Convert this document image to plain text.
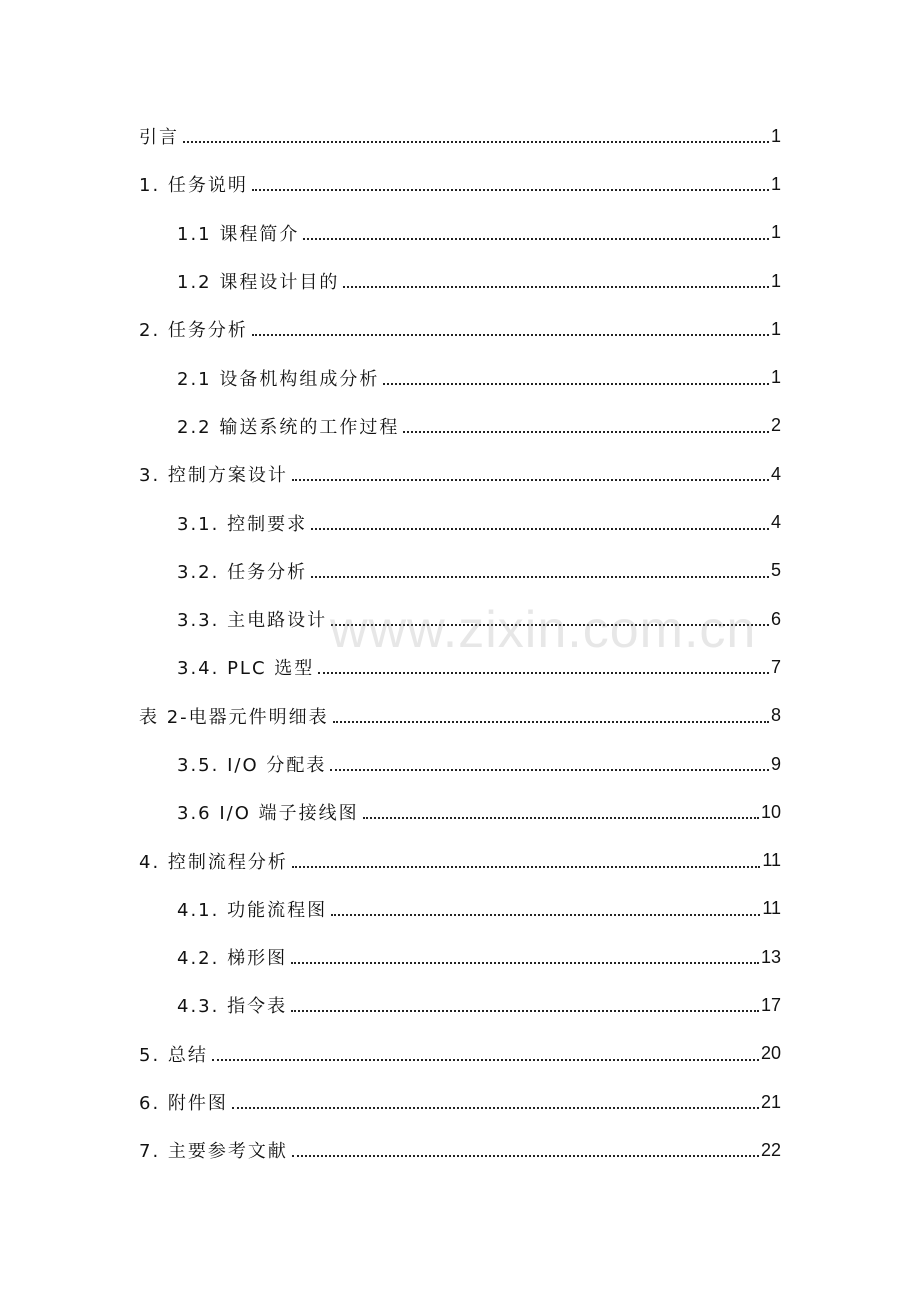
引言	1
1. 任务说明	1
1.1 课程简介	1
1.2 课程设计目的	1
2. 任务分析	1
2.1 设备机构组成分析	1
2.2 输送系统的工作过程	2
3. 控制方案设计	4
3.1. 控制要求	4
3.2. 任务分析	5
3.3. 主电路设计	6
3.4. PLC 选型	7
表 2-电器元件明细表	8
3.5. I/O 分配表	9
3.6 I/O 端子接线图	10
4. 控制流程分析	11
4.1. 功能流程图	11
4.2. 梯形图	13
4.3. 指令表	17
5. 总结	20
6. 附件图	21
7. 主要参考文献	22
www.zixin.com.cn
